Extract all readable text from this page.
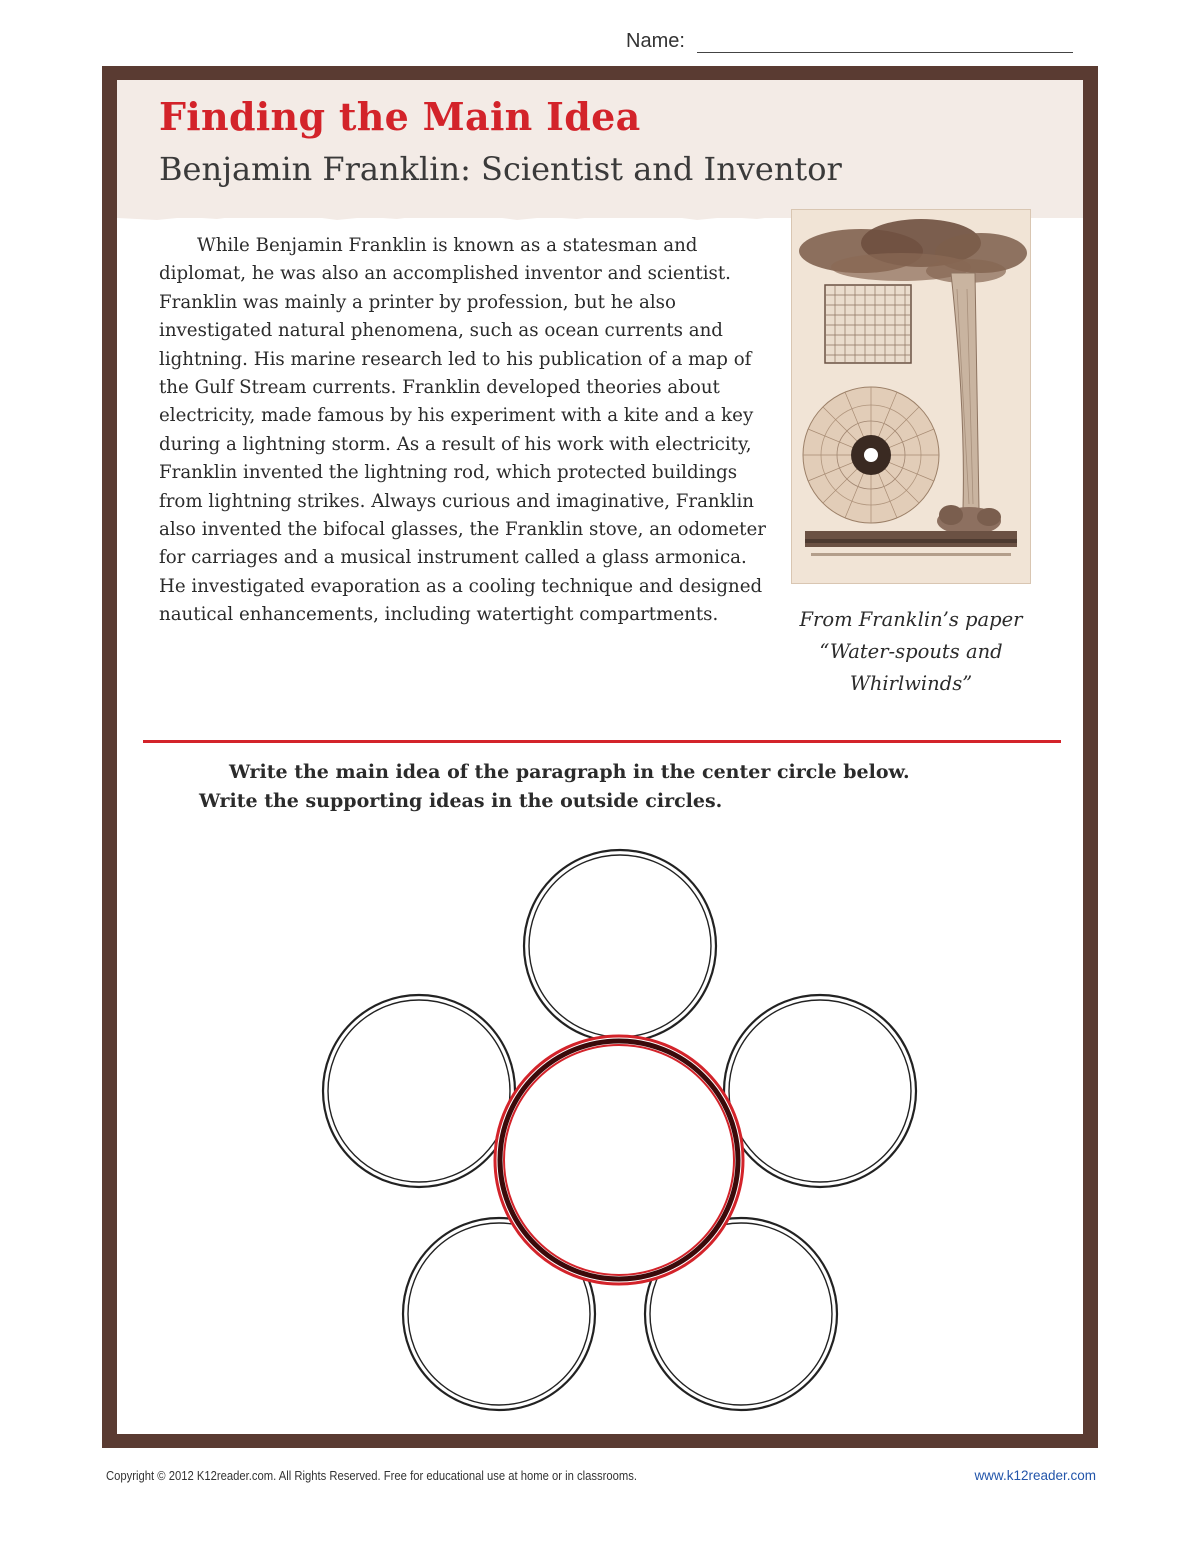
Name:
Finding the Main Idea
Benjamin Franklin: Scientist and Inventor

While Benjamin Franklin is known as a statesman and diplomat, he was also an accomplished inventor and scientist. Franklin was mainly a printer by profession, but he also investigated natural phenomena, such as ocean currents and lightning. His marine research led to his publication of a map of the Gulf Stream currents. Franklin developed theories about electricity, made famous by his experiment with a kite and a key during a lightning storm. As a result of his work with electricity, Franklin invented the lightning rod, which protected buildings from lightning strikes. Always curious and imaginative, Franklin also invented the bifocal glasses, the Franklin stove, an odometer for carriages and a musical instrument called a glass armonica. He investigated evaporation as a cooling technique and designed nautical enhancements, including watertight compartments.	From Franklin’s paper “Water-spouts and Whirlwinds”

Write the main idea of the paragraph in the center circle below.
Write the supporting ideas in the outside circles.

Copyright © 2012 K12reader.com. All Rights Reserved. Free for educational use at home or in classrooms.	www.k12reader.com
